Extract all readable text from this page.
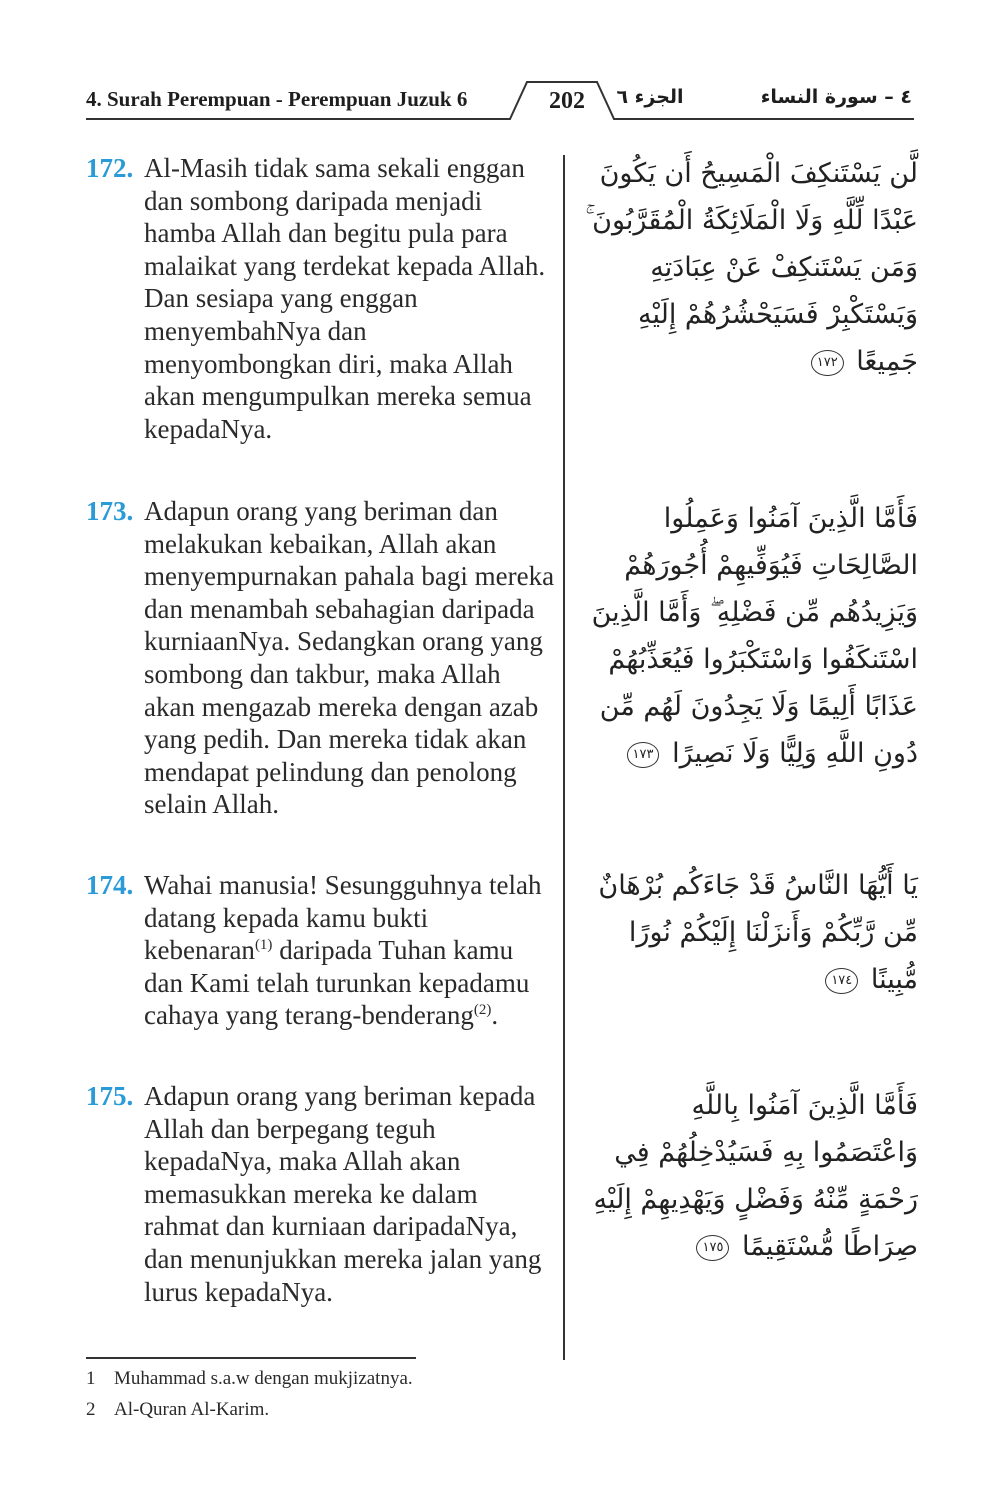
4. Surah Perempuan - Perempuan Juzuk 6	202	الجزء ٦	٤ – سورة النساء
172. Al-Masih tidak sama sekali enggan dan sombong daripada menjadi hamba Allah dan begitu pula para malaikat yang terdekat kepada Allah. Dan sesiapa yang enggan menyembahNya dan menyombongkan diri, maka Allah akan mengumpulkan mereka semua kepadaNya.
لَّن يَسْتَنكِفَ الْمَسِيحُ أَن يَكُونَ عَبْدًا لِّلَّهِ وَلَا الْمَلَائِكَةُ الْمُقَرَّبُونَ ۚ وَمَن يَسْتَنكِفْ عَنْ عِبَادَتِهِ وَيَسْتَكْبِرْ فَسَيَحْشُرُهُمْ إِلَيْهِ جَمِيعًا ١٧٢
173. Adapun orang yang beriman dan melakukan kebaikan, Allah akan menyempurnakan pahala bagi mereka dan menambah sebahagian daripada kurniaanNya. Sedangkan orang yang sombong dan takbur, maka Allah akan mengazab mereka dengan azab yang pedih. Dan mereka tidak akan mendapat pelindung dan penolong selain Allah.
فَأَمَّا الَّذِينَ آمَنُوا وَعَمِلُوا الصَّالِحَاتِ فَيُوَفِّيهِمْ أُجُورَهُمْ وَيَزِيدُهُم مِّن فَضْلِهِ ۖ وَأَمَّا الَّذِينَ اسْتَنكَفُوا وَاسْتَكْبَرُوا فَيُعَذِّبُهُمْ عَذَابًا أَلِيمًا وَلَا يَجِدُونَ لَهُم مِّن دُونِ اللَّهِ وَلِيًّا وَلَا نَصِيرًا ١٧٣
174. Wahai manusia! Sesungguhnya telah datang kepada kamu bukti kebenaran$^{(1)}$ daripada Tuhan kamu dan Kami telah turunkan kepadamu cahaya yang terang-benderang$^{(2)}$.
يَا أَيُّهَا النَّاسُ قَدْ جَاءَكُم بُرْهَانٌ مِّن رَّبِّكُمْ وَأَنزَلْنَا إِلَيْكُمْ نُورًا مُّبِينًا ١٧٤
175. Adapun orang yang beriman kepada Allah dan berpegang teguh kepadaNya, maka Allah akan memasukkan mereka ke dalam rahmat dan kurniaan daripadaNya, dan menunjukkan mereka jalan yang lurus kepadaNya.
فَأَمَّا الَّذِينَ آمَنُوا بِاللَّهِ وَاعْتَصَمُوا بِهِ فَسَيُدْخِلُهُمْ فِي رَحْمَةٍ مِّنْهُ وَفَضْلٍ وَيَهْدِيهِمْ إِلَيْهِ صِرَاطًا مُّسْتَقِيمًا ١٧٥
1 Muhammad s.a.w dengan mukjizatnya.
2 Al-Quran Al-Karim.
